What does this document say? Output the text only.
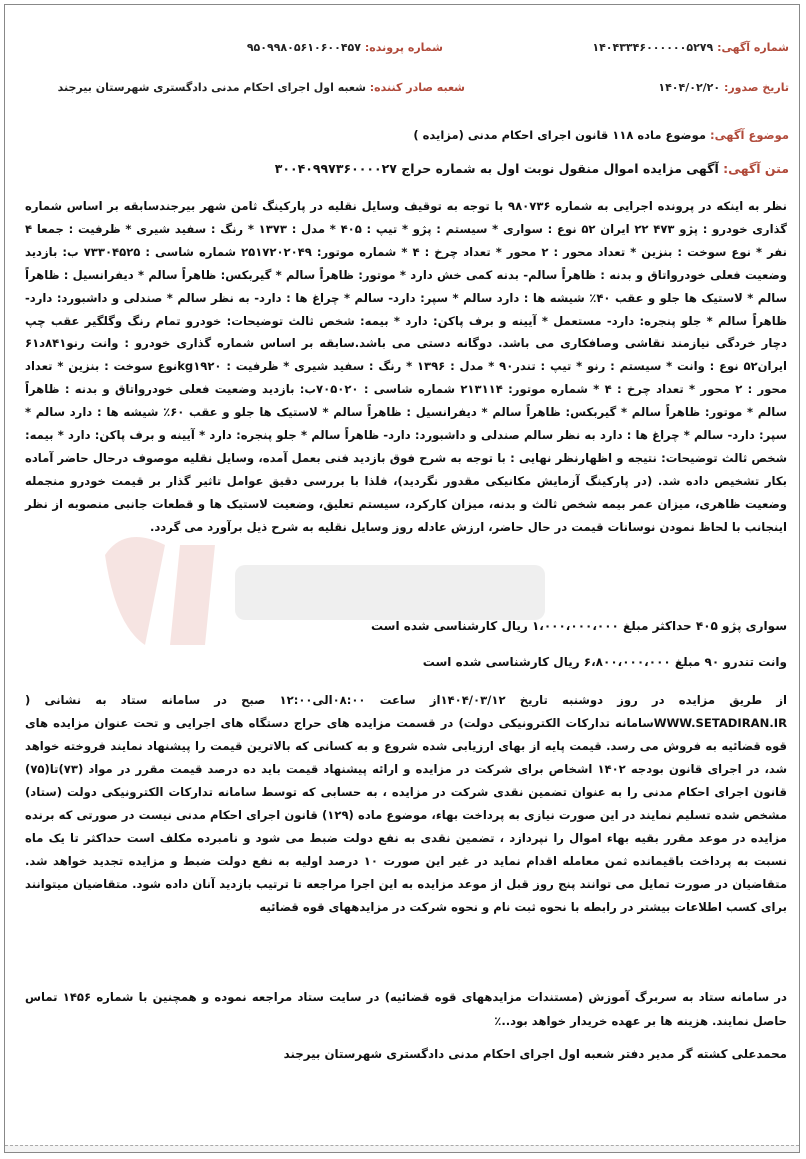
شماره آگهی: ۱۴۰۴۳۳۴۶۰۰۰۰۰۰۵۲۷۹
شماره پرونده: ۹۵۰۹۹۸۰۵۶۱۰۶۰۰۴۵۷
تاریخ صدور: ۱۴۰۴/۰۲/۲۰
شعبه صادر کننده: شعبه اول اجرای احکام مدنی دادگستری شهرستان بیرجند
موضوع آگهی: موضوع ماده ۱۱۸ قانون اجرای احکام مدنی (مزایده )
متن آگهی: آگهی مزایده اموال منقول نوبت اول به شماره حراج ۳۰۰۴۰۹۹۷۳۶۰۰۰۰۲۷
نظر به اینکه در پرونده اجرایی به شماره ۹۸۰۷۳۶ با توجه به توقیف وسایل نقلیه در پارکینگ ثامن شهر بیرجندسابقه بر اساس شماره گذاری خودرو : پژو ۴۷۳ ۲۲ ایران ۵۲ نوع : سواری * سیستم : پژو * تیپ : ۴۰۵ * مدل : ۱۳۷۳ * رنگ : سفید شیری * ظرفیت : جمعا ۴ نفر * نوع سوخت : بنزین * تعداد محور : ۲ محور * تعداد چرخ : ۴ * شماره موتور: ۲۵۱۷۲۰۲۰۴۹ شماره شاسی : ۷۳۳۰۴۵۲۵ ب: بازدید وضعیت فعلی خودرواتاق و بدنه : ظاهراً سالم- بدنه کمی خش دارد * موتور: ظاهراً سالم * گیربکس: ظاهراً سالم * دیفرانسیل : ظاهراً سالم * لاستیک ها جلو و عقب ۴۰٪ شیشه ها : دارد سالم * سپر: دارد- سالم * چراغ ها : دارد- به نظر سالم * صندلی و داشبورد: دارد- ظاهراً سالم * جلو پنجره: دارد- مستعمل * آیینه و برف پاکن: دارد * بیمه: شخص ثالث توضیحات: خودرو تمام رنگ وگلگیر عقب چپ دچار خردگی نیازمند نقاشی وصافکاری می باشد. دوگانه دستی می باشد.سابقه بر اساس شماره گذاری خودرو : وانت رنو۸۴۱د۶۱ ایران۵۲ نوع : وانت * سیستم : رنو * تیپ : تندر۹۰ * مدل : ۱۳۹۶ * رنگ : سفید شیری * ظرفیت : kg۱۹۲۰نوع سوخت : بنزین * تعداد محور : ۲ محور * تعداد چرخ : ۴ * شماره موتور: ۲۱۳۱۱۴ شماره شاسی : ۷۰۵۰۲۰ب: بازدید وضعیت فعلی خودرواتاق و بدنه : ظاهراً سالم * موتور: ظاهراً سالم * گیربکس: ظاهراً سالم * دیفرانسیل : ظاهراً سالم * لاستیک ها جلو و عقب ۶۰٪ شیشه ها : دارد سالم * سپر: دارد- سالم * چراغ ها : دارد به نظر سالم صندلی و داشبورد: دارد- ظاهراً سالم * جلو پنجره: دارد * آیینه و برف پاکن: دارد * بیمه: شخص ثالث توضیحات: نتیجه و اظهارنظر نهایی : با توجه به شرح فوق بازدید فنی بعمل آمده، وسایل نقلیه موصوف درحال حاضر آماده بکار تشخیص داده شد. (در پارکینگ آزمایش مکانیکی مقدور نگردید)، فلذا با بررسی دقیق عوامل تاثیر گذار بر قیمت خودرو منجمله وضعیت ظاهری، میزان عمر بیمه شخص ثالث و بدنه، میزان کارکرد، سیستم تعلیق، وضعیت لاستیک ها و قطعات جانبی منصوبه از نظر اینجانب با لحاظ نمودن نوسانات قیمت در حال حاضر، ارزش عادله روز وسایل نقلیه به شرح ذیل برآورد می گردد.
سواری پژو ۴۰۵ حداکثر مبلغ ۱،۰۰۰،۰۰۰،۰۰۰ ریال کارشناسی شده است
وانت تندرو ۹۰ مبلغ ۶،۸۰۰،۰۰۰،۰۰۰ ریال کارشناسی شده است
از طریق مزایده در روز دوشنبه تاریخ ۱۴۰۴/۰۳/۱۲از ساعت ۰۸:۰۰الی۱۲:۰۰ صبح در سامانه ستاد به نشانی ( WWW.SETADIRAN.IRسامانه تدارکات الکترونیکی دولت) در قسمت مزایده های حراج دستگاه های اجرایی و تحت عنوان مزایده های قوه قضائیه به فروش می رسد. قیمت پایه از بهای ارزیابی شده شروع و به کسانی که بالاترین قیمت را پیشنهاد نمایند فروخته خواهد شد، در اجرای قانون بودجه ۱۴۰۲ اشخاص برای شرکت در مزایده و ارائه پیشنهاد قیمت باید ده درصد قیمت مقرر در مواد (۷۳)تا(۷۵) قانون اجرای احکام مدنی را به عنوان تضمین نقدی شرکت در مزایده ، به حسابی که توسط سامانه تدارکات الکترونیکی دولت (ستاد) مشخص شده تسلیم نمایند در این صورت نیازی به پرداخت بهاء، موضوع ماده (۱۲۹) قانون اجرای احکام مدنی نیست در صورتی که برنده مزایده در موعد مقرر بقیه بهاء اموال را نپردازد ، تضمین نقدی به نفع دولت ضبط می شود و نامبرده مکلف است حداکثر تا یک ماه نسبت به پرداخت باقیمانده ثمن معامله اقدام نماید در غیر این صورت ۱۰ درصد اولیه به نفع دولت ضبط و مزایده تجدید خواهد شد. متقاضیان در صورت تمایل می توانند پنج روز قبل از موعد مزایده به این اجرا مراجعه تا ترتیب بازدید آنان داده شود. متقاضیان میتوانند برای کسب اطلاعات بیشتر در رابطه با نحوه ثبت نام و نحوه شرکت در مزایدههای قوه قضائیه
در سامانه ستاد به سربرگ آموزش (مستندات مزایدههای قوه قضائیه) در سایت ستاد مراجعه نموده و همچنین با شماره ۱۴۵۶ تماس حاصل نمایند. هزینه ها بر عهده خریدار خواهد بود..٪
محمدعلی کشته گر مدیر دفتر شعبه اول اجرای احکام مدنی دادگستری شهرستان بیرجند
